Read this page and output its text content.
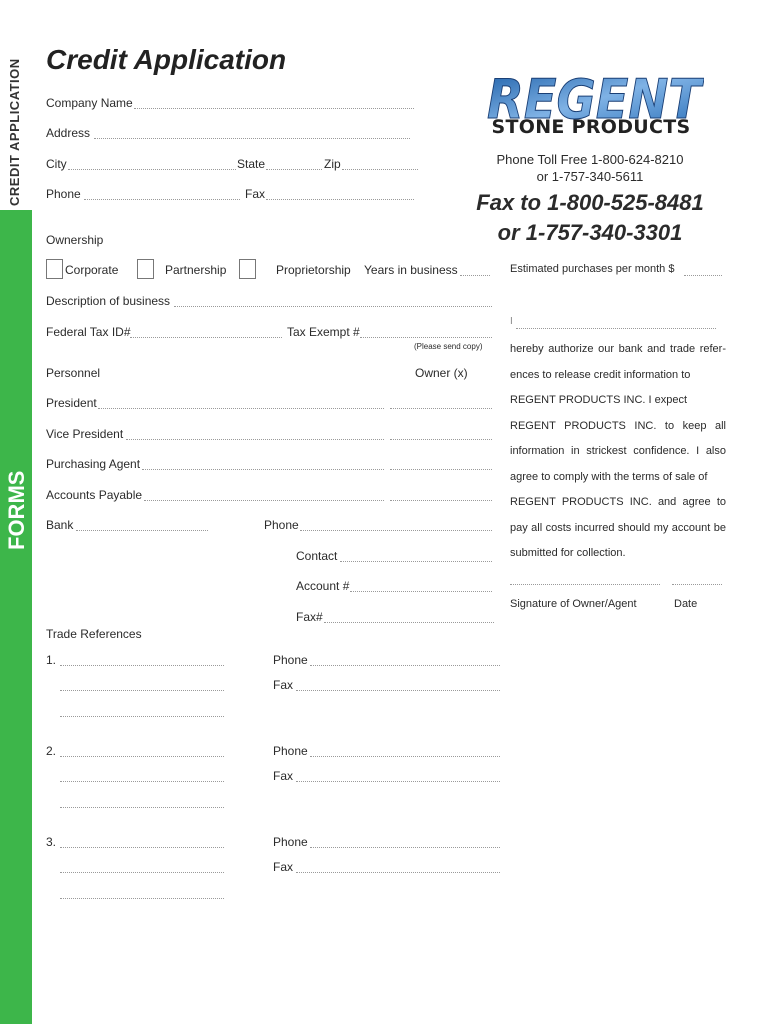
CREDIT APPLICATION
FORMS
Credit Application
REGENT
STONE PRODUCTS
Phone Toll Free 1-800-624-8210
or 1-757-340-5611
Fax to 1-800-525-8481
or 1-757-340-3301
Company Name
Address
City	State	Zip
Phone	Fax
Ownership
Corporate	Partnership	Proprietorship Years in business	Estimated purchases per month $
Description of business
Federal Tax ID#	Tax Exempt #
(Please send copy)
Personnel	Owner (x)
President
Vice President
Purchasing Agent
Accounts Payable
Bank	Phone
Contact
Account #
Fax#
I
hereby authorize our bank and trade refer-
ences to release credit information to
REGENT PRODUCTS INC. I expect
REGENT PRODUCTS INC. to keep all
information in strickest confidence. I also
agree to comply with the terms of sale of
REGENT PRODUCTS INC. and agree to
pay all costs incurred should my account be
submitted for collection.
Signature of Owner/Agent	Date
Trade References
1.	Phone
Fax
2.	Phone
Fax
3.	Phone
Fax
